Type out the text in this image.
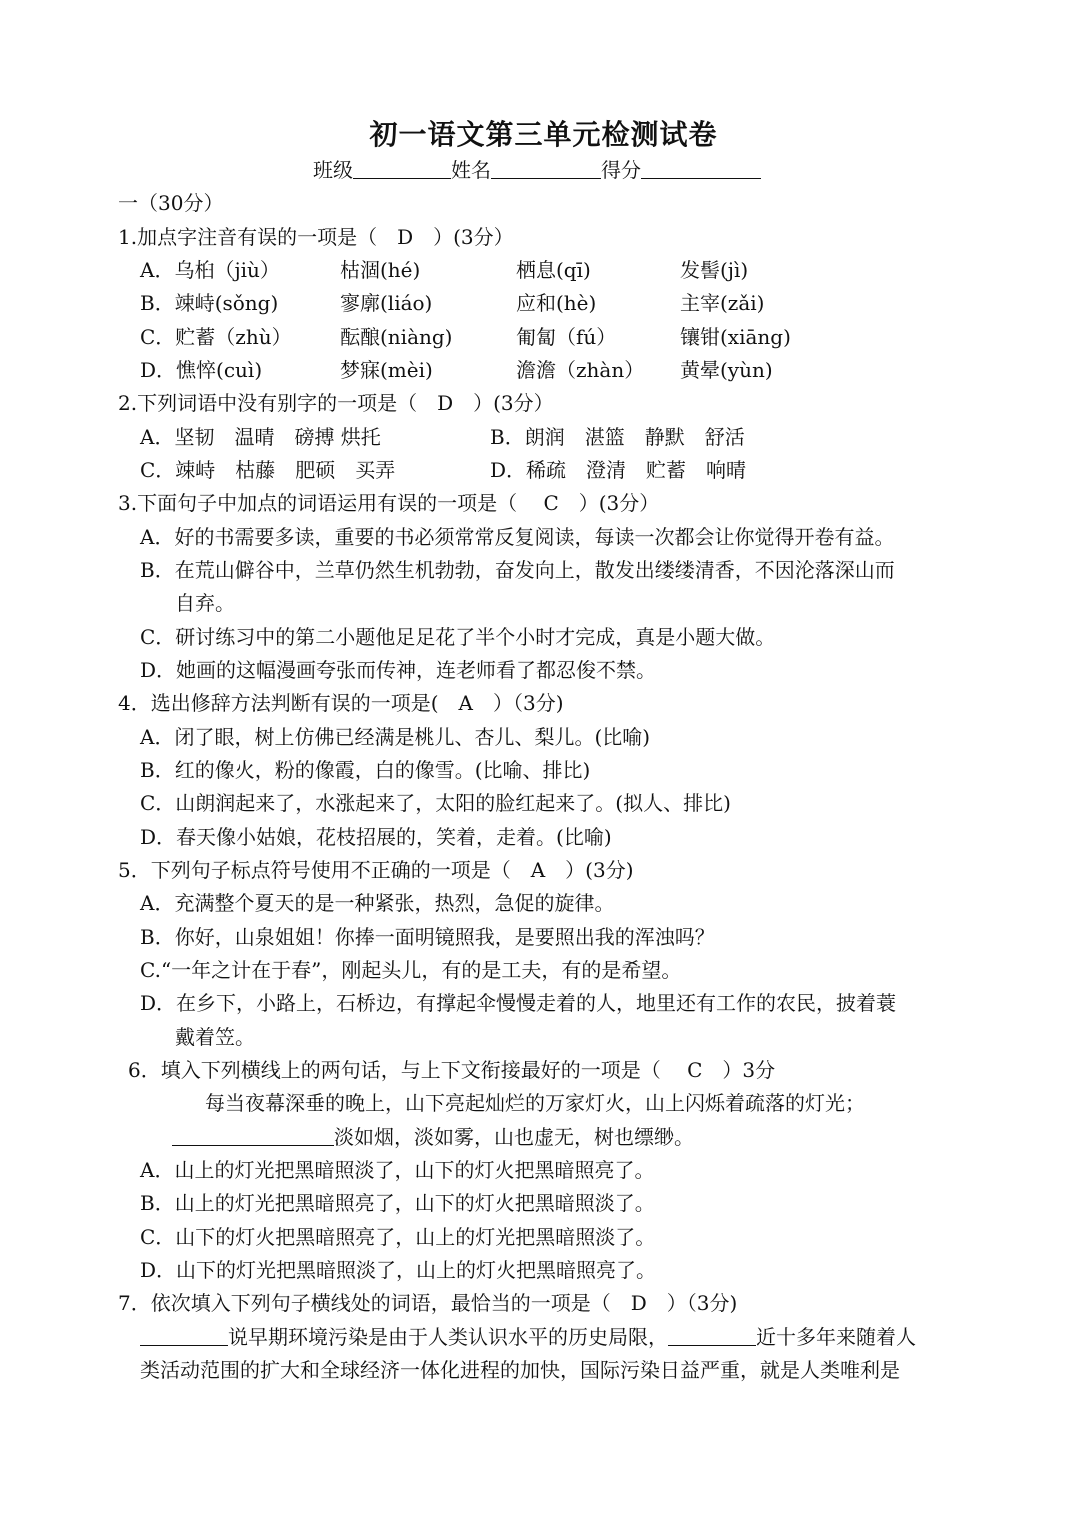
初一语文第三单元检测试卷
班级	姓名	得分
一（30分）
1.加点字注音有误的一项是（　D　）(3分）
A．乌桕（jiù）	枯涸(hé)	栖息(qī)	发髻(jì)
B．竦峙(sǒng)	寥廓(liáo)	应和(hè)	主宰(zǎi)
C．贮蓄（zhù） 酝酿(niàng)	匍匐（fú）	镶钳(xiāng)
D．憔悴(cuì)	梦寐(mèi)	澹澹（zhàn） 黄晕(yùn)
2.下列词语中没有别字的一项是（　D　）(3分）
A．坚韧　温晴　磅搏 烘托	B．朗润　湛篮　静默　舒活
C．竦峙　枯藤　肥硕　买弄	D．稀疏　澄清　贮蓄　响晴
3.下面句子中加点的词语运用有误的一项是（　 C　）(3分）
A．好的书需要多读，重要的书必须常常反复阅读，每读一次都会让你觉得开卷有益。
B．在荒山僻谷中，兰草仍然生机勃勃，奋发向上，散发出缕缕清香，不因沦落深山而
自弃。
C．研讨练习中的第二小题他足足花了半个小时才完成，真是小题大做。
D．她画的这幅漫画夸张而传神，连老师看了都忍俊不禁。
4．选出修辞方法判断有误的一项是(　A　）（3分)
A．闭了眼，树上仿佛已经满是桃儿、杏儿、梨儿。(比喻)
B．红的像火，粉的像霞，白的像雪。(比喻、排比)
C．山朗润起来了，水涨起来了，太阳的脸红起来了。(拟人、排比)
D．春天像小姑娘，花枝招展的，笑着，走着。(比喻)
5．下列句子标点符号使用不正确的一项是（　A　）(3分)
A．充满整个夏天的是一种紧张，热烈，急促的旋律。
B．你好，山泉姐姐！你捧一面明镜照我，是要照出我的浑浊吗？
C.“一年之计在于春”，刚起头儿，有的是工夫，有的是希望。
D．在乡下，小路上，石桥边，有撑起伞慢慢走着的人，地里还有工作的农民，披着蓑
戴着笠。
6．填入下列横线上的两句话，与上下文衔接最好的一项是（　 C　）3分
每当夜幕深垂的晚上，山下亮起灿烂的万家灯火，山上闪烁着疏落的灯光；
淡如烟，淡如雾，山也虚无，树也缥缈。
A．山上的灯光把黑暗照淡了，山下的灯火把黑暗照亮了。
B．山上的灯光把黑暗照亮了，山下的灯火把黑暗照淡了。
C．山下的灯火把黑暗照亮了，山上的灯光把黑暗照淡了。
D．山下的灯光把黑暗照淡了，山上的灯火把黑暗照亮了。
7．依次填入下列句子横线处的词语，最恰当的一项是（　D　）（3分)
说早期环境污染是由于人类认识水平的历史局限，	近十多年来随着人
类活动范围的扩大和全球经济一体化进程的加快，国际污染日益严重，就是人类唯利是
